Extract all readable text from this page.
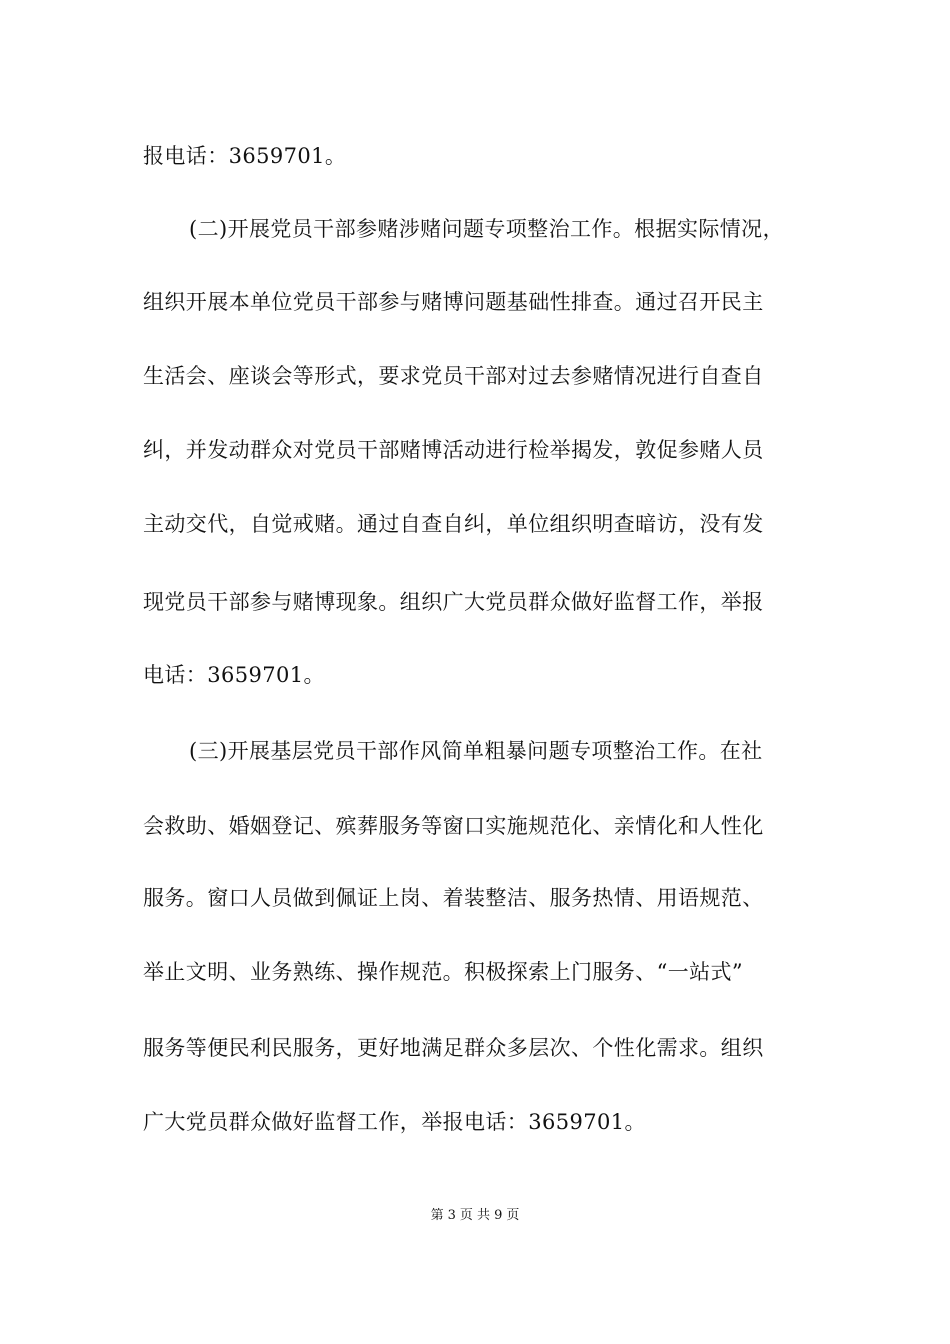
报电话：3659701。
(二)开展党员干部参赌涉赌问题专项整治工作。根据实际情况，
组织开展本单位党员干部参与赌博问题基础性排查。通过召开民主
生活会、座谈会等形式，要求党员干部对过去参赌情况进行自查自
纠，并发动群众对党员干部赌博活动进行检举揭发，敦促参赌人员
主动交代，自觉戒赌。通过自查自纠，单位组织明查暗访，没有发
现党员干部参与赌博现象。组织广大党员群众做好监督工作，举报
电话：3659701。
(三)开展基层党员干部作风简单粗暴问题专项整治工作。在社
会救助、婚姻登记、殡葬服务等窗口实施规范化、亲情化和人性化
服务。窗口人员做到佩证上岗、着装整洁、服务热情、用语规范、
举止文明、业务熟练、操作规范。积极探索上门服务、“一站式”
服务等便民利民服务，更好地满足群众多层次、个性化需求。组织
广大党员群众做好监督工作，举报电话：3659701。
第 3 页 共 9 页
